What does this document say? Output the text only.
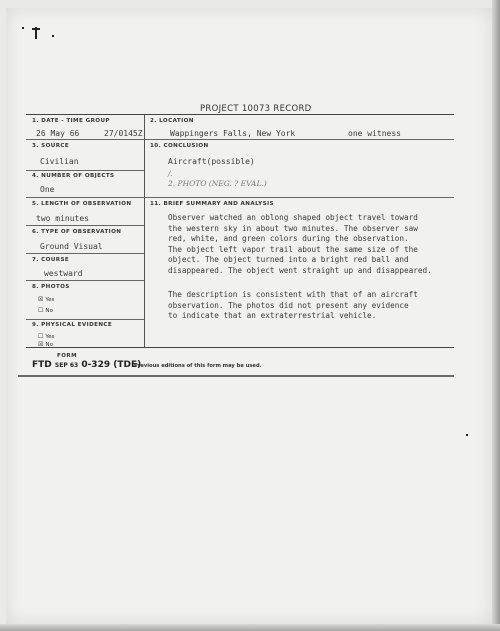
PROJECT 10073 RECORD
1. DATE - TIME GROUP
26 May 66	27/0145Z
2. LOCATION
Wappingers Falls, New York	one witness
3. SOURCE
Civilian
10. CONCLUSION
Aircraft(possible)
/.
2. PHOTO (NEG. ? EVAL.)
4. NUMBER OF OBJECTS
One
5. LENGTH OF OBSERVATION
two minutes
11. BRIEF SUMMARY AND ANALYSIS
Observer watched an oblong shaped object travel toward
the western sky in about two minutes. The observer saw
red, white, and green colors during the observation.
The object left vapor trail about the same size of the
object. The object turned into a bright red ball and
disappeared. The object went straight up and disappeared.
The description is consistent with that of an aircraft
observation. The photos did not present any evidence
to indicate that an extraterrestrial vehicle.
6. TYPE OF OBSERVATION
Ground Visual
7. COURSE
westward
8. PHOTOS
☒ Yes
☐ No
9. PHYSICAL EVIDENCE
☐ Yes
☒ No
FORM
FTD SEP 63 0-329 (TDE)
Previous editions of this form may be used.
